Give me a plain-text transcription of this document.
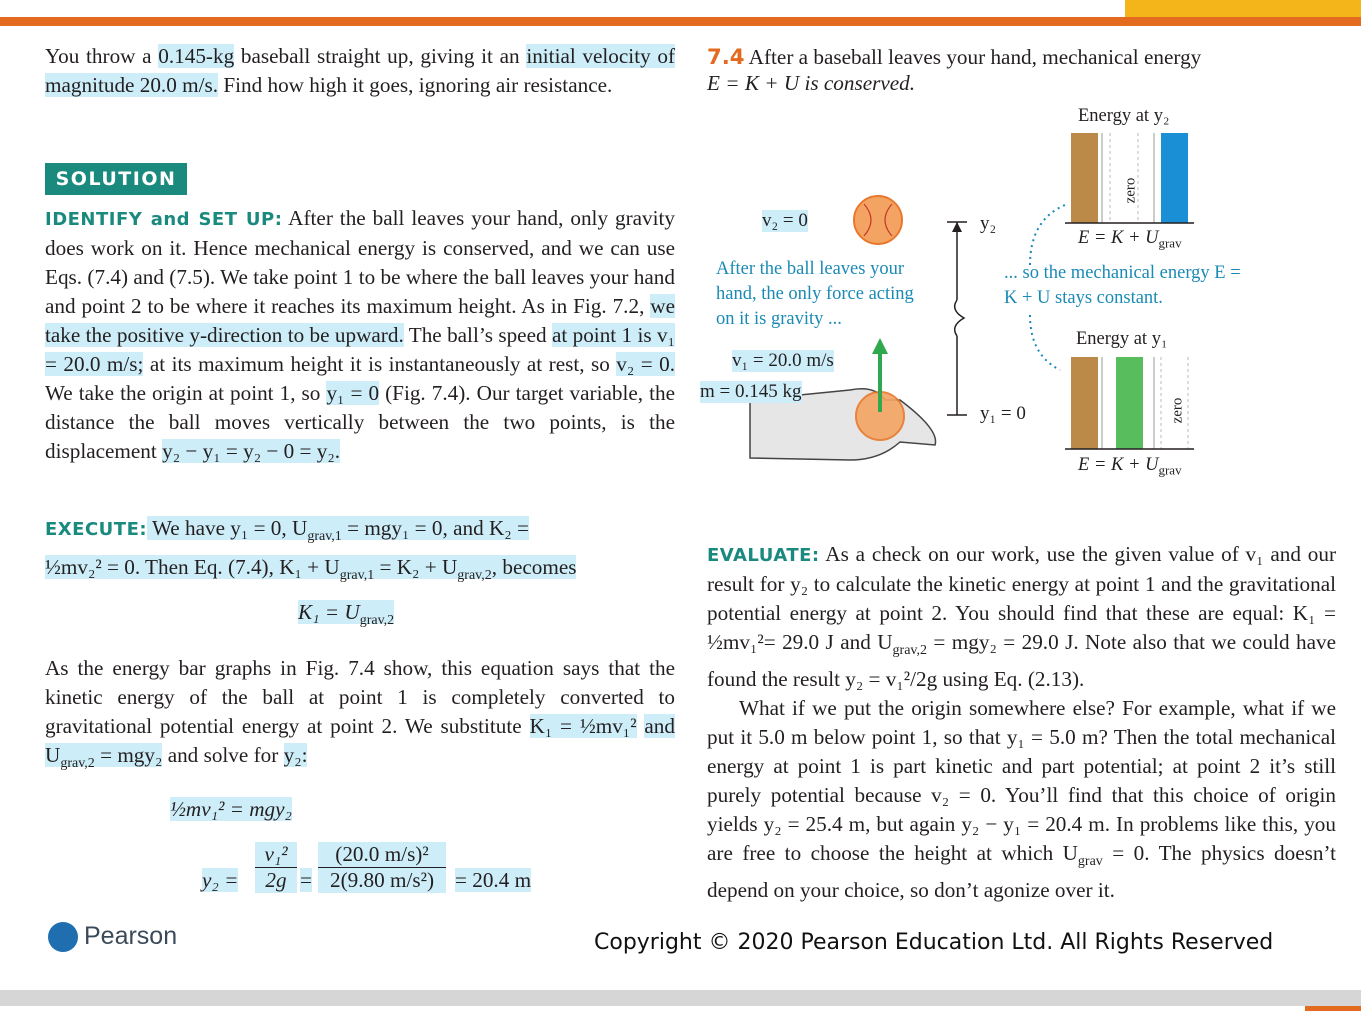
You throw a 0.145-kg baseball straight up, giving it an initial velocity of magnitude 20.0 m/s. Find how high it goes, ignoring air resistance.

SOLUTION

IDENTIFY and SET UP: After the ball leaves your hand, only gravity does work on it. Hence mechanical energy is conserved, and we can use Eqs. (7.4) and (7.5). We take point 1 to be where the ball leaves your hand and point 2 to be where it reaches its maximum height. As in Fig. 7.2, we take the positive y-direction to be upward. The ball’s speed at point 1 is v₁ = 20.0 m/s; at its maximum height it is instantaneously at rest, so v₂ = 0. We take the origin at point 1, so y₁ = 0 (Fig. 7.4). Our target variable, the distance the ball moves vertically between the two points, is the displacement y₂ − y₁ = y₂ − 0 = y₂.

EXECUTE: We have y₁ = 0, $U_{grav,1} = mgy_1 = 0$, and K₂ =
½mv₂² = 0. Then Eq. (7.4), $K_1 + U_{grav,1} = K_2 + U_{grav,2}$, becomes

$K_1 = U_{grav,2}$

As the energy bar graphs in Fig. 7.4 show, this equation says that the kinetic energy of the ball at point 1 is completely converted to gravitational potential energy at point 2. We substitute K₁ = ½mv₁² and $U_{grav,2} = mgy_2$ and solve for y₂:

½mv₁² = mgy₂
y₂ =
v₁²
$2g = \frac{\text{(20.0 m/s)²}}{\text{2(9.80 m/s²)}} = 20.4$ m
7.4 After a baseball leaves your hand, mechanical energy
E = K + U is conserved.
v₂ = 0
After the ball leaves your hand, the only force acting on it is gravity ...
v₁ = 20.0 m/s
m = 0.145 kg
y₂
y₁ = 0
Energy at y₂
Energy at y₁
zero
zero
$E = K + U_{grav}$
$E = K + U_{grav}$
... so the mechanical energy E = K + U stays constant.

EVALUATE: As a check on our work, use the given value of v₁ and our result for y₂ to calculate the kinetic energy at point 1 and the gravitational potential energy at point 2. You should find that these are equal: K₁ = ½mv₁²= 29.0 J and $U_{grav,2} = mgy_2 = 29.0$ J. Note also that we could have found the result y₂ = v₁²/2g using Eq. (2.13).

What if we put the origin somewhere else? For example, what if we put it 5.0 m below point 1, so that y₁ = 5.0 m? Then the total mechanical energy at point 1 is part kinetic and part potential; at point 2 it’s still purely potential because v₂ = 0. You’ll find that this choice of origin yields y₂ = 25.4 m, but again y₂ − y₁ = 20.4 m. In problems like this, you are free to choose the height at which $U_{grav} = 0$. The physics doesn’t depend on your choice, so don’t agonize over it.

Pearson	Copyright © 2020 Pearson Education Ltd. All Rights Reserved
